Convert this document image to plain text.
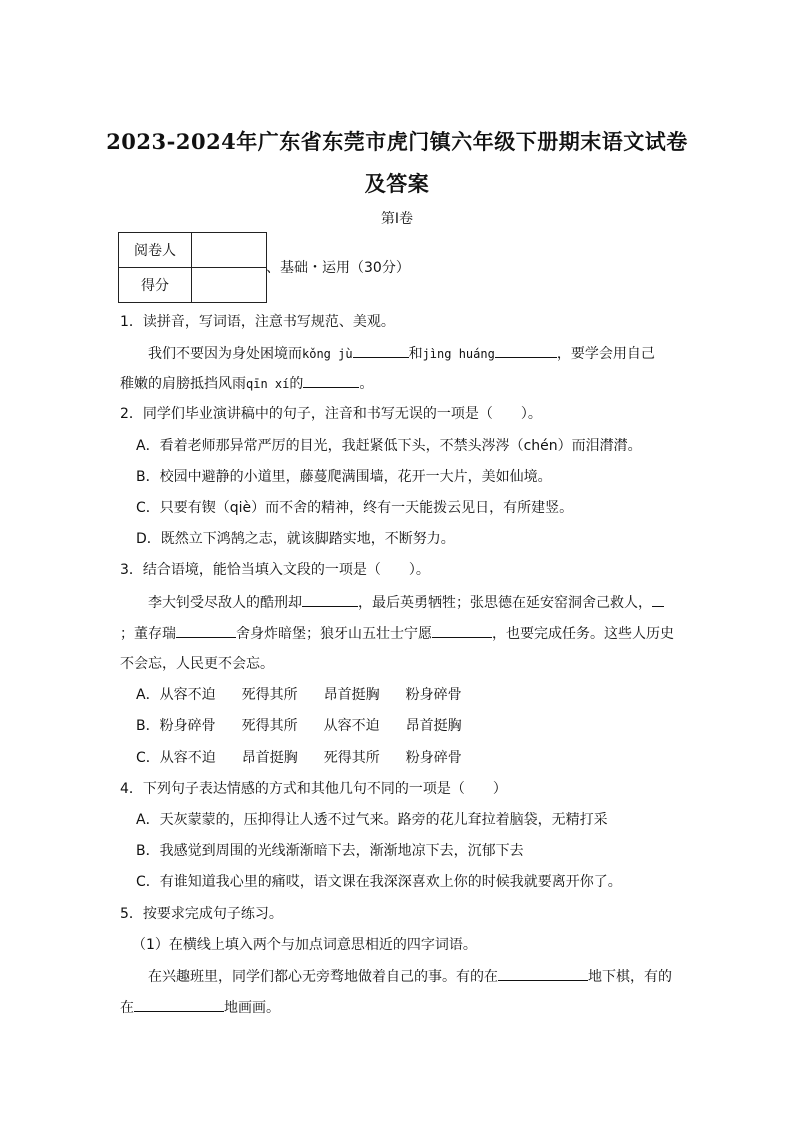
2023-2024年广东省东莞市虎门镇六年级下册期末语文试卷
及答案
第Ⅰ卷
阅卷人	
得分	
、基础・运用（30分）
1．读拼音，写词语，注意书写规范、美观。
我们不要因为身处困境而kǒng jù	和jìng huáng	，要学会用自己
稚嫩的肩膀抵挡风雨qīn xí的	。
2．同学们毕业演讲稿中的句子，注音和书写无误的一项是（　　）。
A．看着老师那异常严厉的目光，我赶紧低下头，不禁头涔涔（chén）而泪潸潸。
B．校园中避静的小道里，藤蔓爬满围墙，花开一大片，美如仙境。
C．只要有锲（qiè）而不舍的精神，终有一天能拨云见日，有所建竖。
D．既然立下鸿鹄之志，就该脚踏实地，不断努力。
3．结合语境，能恰当填入文段的一项是（　　）。
李大钊受尽敌人的酷刑却	，最后英勇牺牲；张思德在延安窑洞舍己救人，
；董存瑞	舍身炸暗堡；狼牙山五壮士宁愿	，也要完成任务。这些人历史
不会忘，人民更不会忘。
A．从容不迫 死得其所 昂首挺胸 粉身碎骨
B．粉身碎骨 死得其所 从容不迫 昂首挺胸
C．从容不迫 昂首挺胸 死得其所 粉身碎骨
4．下列句子表达情感的方式和其他几句不同的一项是（　　）
A．天灰蒙蒙的，压抑得让人透不过气来。路旁的花儿耷拉着脑袋，无精打采
B．我感觉到周围的光线渐渐暗下去，渐渐地凉下去，沉郁下去
C．有谁知道我心里的痛哎，语文课在我深深喜欢上你的时候我就要离开你了。
5．按要求完成句子练习。
（1）在横线上填入两个与加点词意思相近的四字词语。
在兴趣班里，同学们都心无旁骛地做着自己的事。有的在	地下棋，有的
在	地画画。
